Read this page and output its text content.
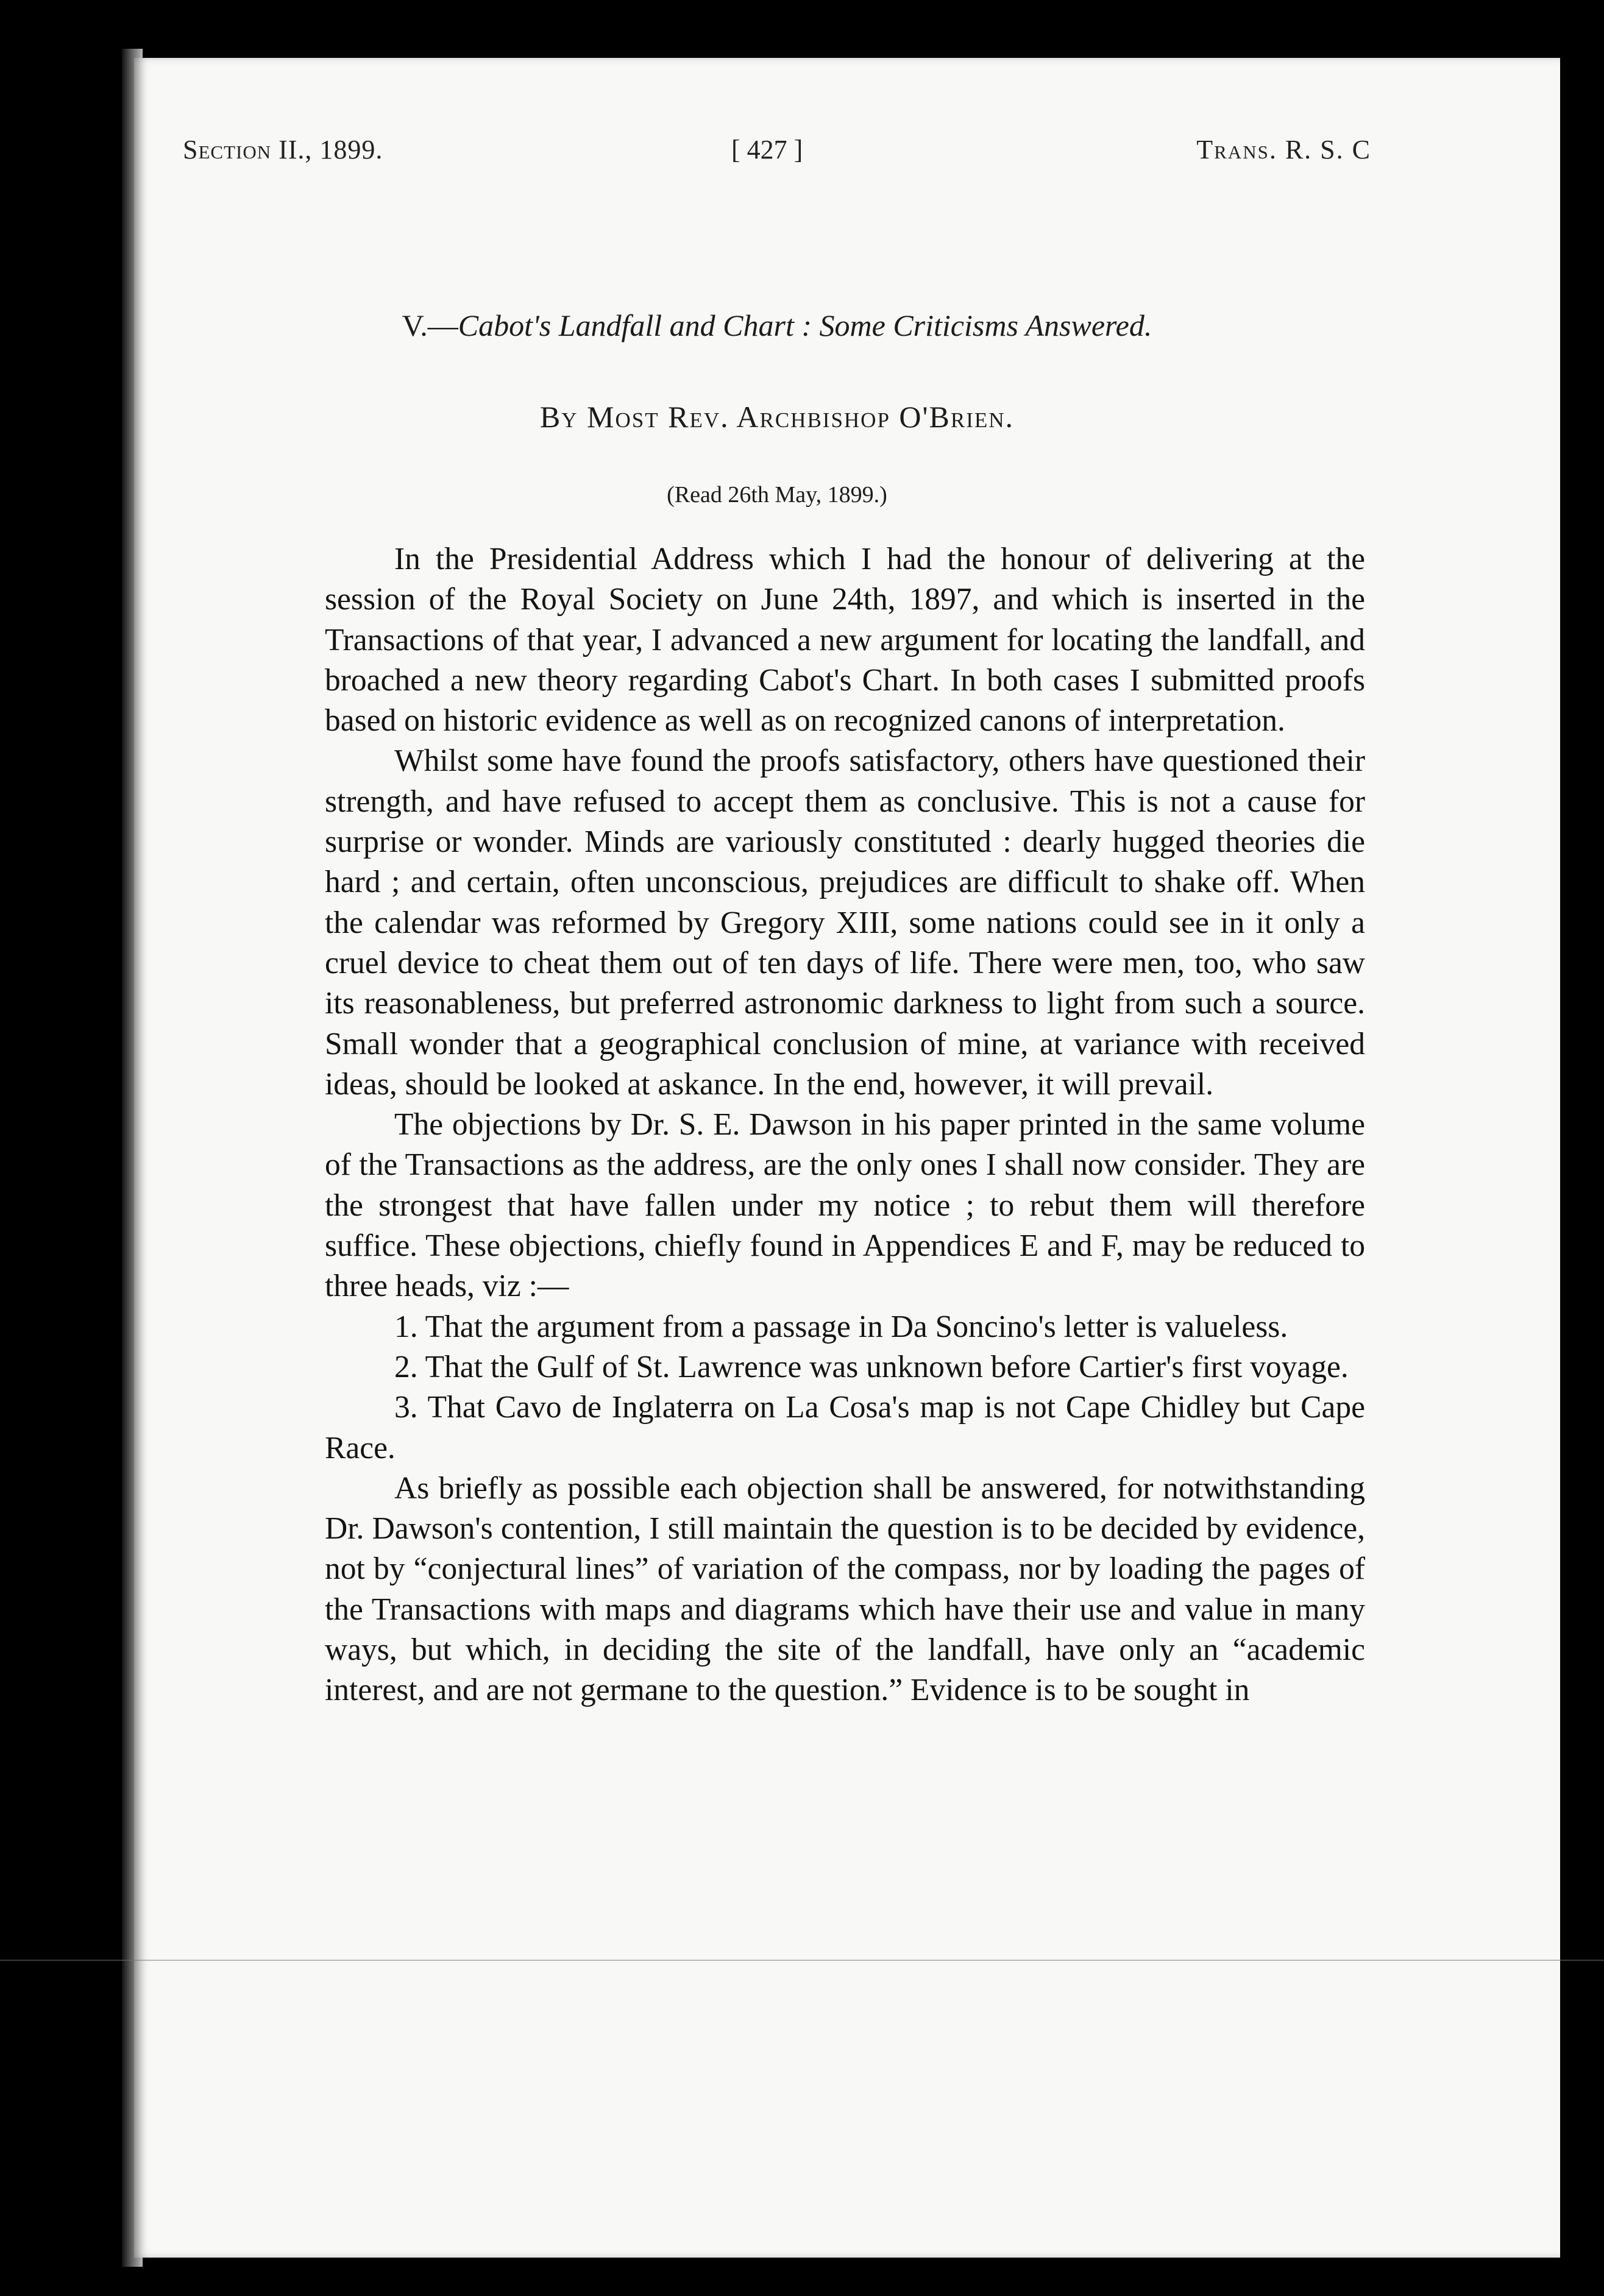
Section II., 1899.	[ 427 ]	Trans. R. S. C
V.—Cabot's Landfall and Chart : Some Criticisms Answered.
By Most Rev. Archbishop O'Brien.
(Read 26th May, 1899.)

In the Presidential Address which I had the honour of delivering at the session of the Royal Society on June 24th, 1897, and which is inserted in the Transactions of that year, I advanced a new argument for locating the landfall, and broached a new theory regarding Cabot's Chart. In both cases I submitted proofs based on historic evidence as well as on recognized canons of interpretation.

Whilst some have found the proofs satisfactory, others have questioned their strength, and have refused to accept them as conclusive. This is not a cause for surprise or wonder. Minds are variously constituted : dearly hugged theories die hard ; and certain, often unconscious, prejudices are difficult to shake off. When the calendar was reformed by Gregory XIII, some nations could see in it only a cruel device to cheat them out of ten days of life. There were men, too, who saw its reasonableness, but preferred astronomic darkness to light from such a source. Small wonder that a geographical conclusion of mine, at variance with received ideas, should be looked at askance. In the end, however, it will prevail.

The objections by Dr. S. E. Dawson in his paper printed in the same volume of the Transactions as the address, are the only ones I shall now consider. They are the strongest that have fallen under my notice ; to rebut them will therefore suffice. These objections, chiefly found in Appendices E and F, may be reduced to three heads, viz :—

1. That the argument from a passage in Da Soncino's letter is valueless.

2. That the Gulf of St. Lawrence was unknown before Cartier's first voyage.

3. That Cavo de Inglaterra on La Cosa's map is not Cape Chidley but Cape Race.

As briefly as possible each objection shall be answered, for notwithstanding Dr. Dawson's contention, I still maintain the question is to be decided by evidence, not by “conjectural lines” of variation of the compass, nor by loading the pages of the Transactions with maps and diagrams which have their use and value in many ways, but which, in deciding the site of the landfall, have only an “academic interest, and are not germane to the question.” Evidence is to be sought in
